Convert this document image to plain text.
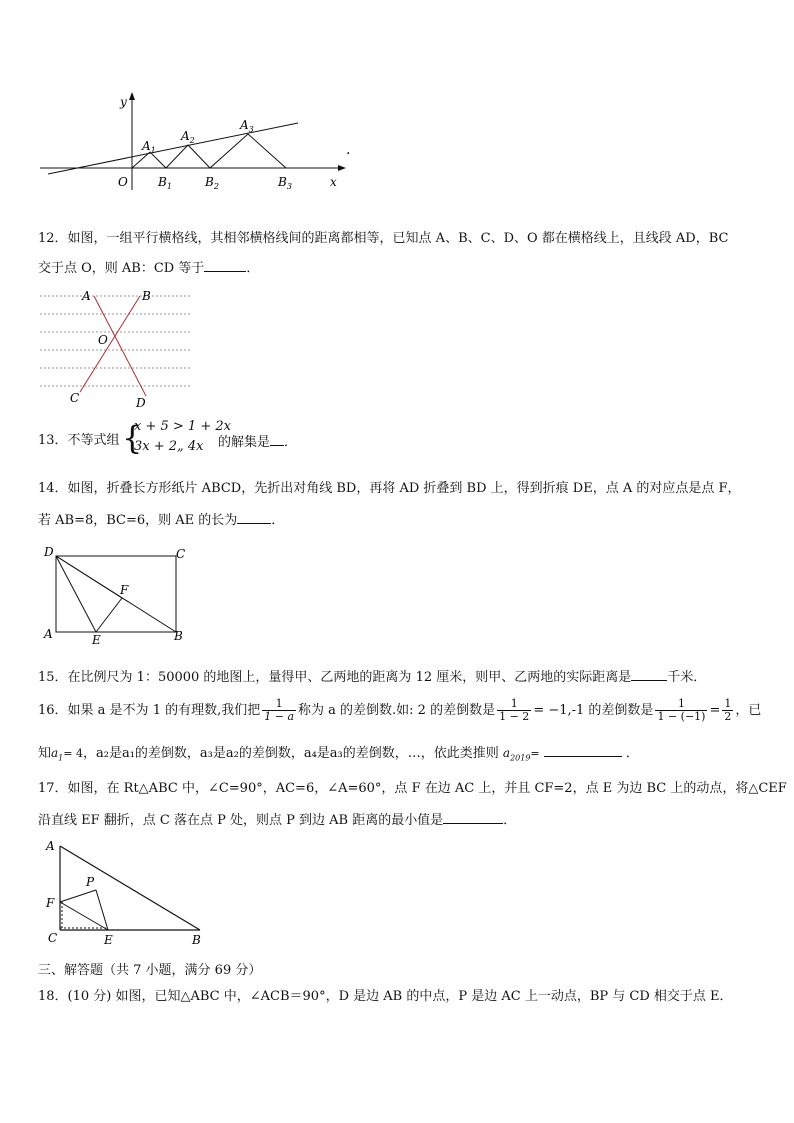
y
x
O
$A_1$
$A_2$
$A_3$
$B_1$	$B_2$	$B_3$
.
12．如图，一组平行横格线，其相邻横格线间的距离都相等，已知点 A、B、C、D、O 都在横格线上，且线段 AD，BC
交于点 O，则 AB：CD 等于	．
A	B
O
C	D
13．不等式组 {
x + 5 > 1 + 2x
3x + 2„ 4x 的解集是 ．
14．如图，折叠长方形纸片 ABCD，先折出对角线 BD，再将 AD 折叠到 BD 上，得到折痕 DE，点 A 的对应点是点 F，
若 AB=8，BC=6，则 AE 的长为	．
D	C
F
A	E	B
15．在比例尺为 1：50000 的地图上，量得甲、乙两地的距离为 12 厘米，则甲、乙两地的实际距离是	千米．
16．如果 a 是不为 1 的有理数,我们把 $\frac{1}{1 - a}$ 称为 a 的差倒数.如: 2 的差倒数是 $\frac{1}{1 - 2} = -1,-1$ 的差倒数是 $\frac{1}{1 - (-1)} = \frac{1}{2}$ ，已
知$a_1= 4$，a₂是a₁的差倒数，a₃是a₂的差倒数，a₄是a₃的差倒数，…，依此类推则 $a_{2019}=$	．
17．如图，在 Rt△ABC 中，∠C=90°，AC=6，∠A=60°，点 F 在边 AC 上，并且 CF=2，点 E 为边 BC 上的动点，将△CEF
沿直线 EF 翻折，点 C 落在点 P 处，则点 P 到边 AB 距离的最小值是	．
A
P
F
C	E	B
三、解答题（共 7 小题，满分 69 分）
18．(10 分) 如图，已知△ABC 中，∠ACB＝90°，D 是边 AB 的中点，P 是边 AC 上一动点，BP 与 CD 相交于点 E．
